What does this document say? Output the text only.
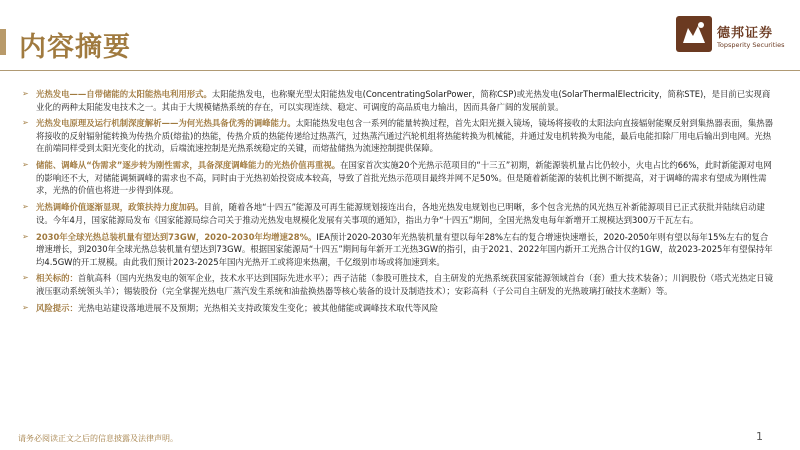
内容摘要	德邦证券
Topsperity Securities
➢ 光热发电——自带储能的太阳能热电利用形式。太阳能热发电，也称聚光型太阳能热发电(ConcentratingSolarPower，简称CSP)或光热发电(SolarThermalElectricity，简称STE)，是目前已实现商业化的两种太阳能发电技术之一。其由于大规模储热系统的存在，可以实现连续、稳定、可调度的高品质电力输出，因而具备广阔的发展前景。
➢ 光热发电原理及运行机制深度解析——为何光热具备优秀的调峰能力。太阳能热发电包含一系列的能量转换过程，首先太阳光摄入镜场，镜场将接收的太阳法向直接辐射能聚反射到集热器表面，集热器将接收的反射辐射能转换为传热介质(熔盐)的热能，传热介质的热能传递给过热蒸汽，过热蒸汽通过汽轮机组将热能转换为机械能，并通过发电机转换为电能，最后电能扣除厂用电后输出到电网。光热在前端同样受到太阳光变化的扰动，后端流速控制是光热系统稳定的关键，而熔盐储热为流速控制提供保障。
➢ 储能、调峰从“伪需求”逐步转为刚性需求，具备深度调峰能力的光热价值再重视。在国家首次实施20个光热示范项目的“十三五”初期，新能源装机量占比仍较小，火电占比约66%，此时新能源对电网的影响还不大，对储能调频调峰的需求也不高，同时由于光热初始投资成本较高，导致了首批光热示范项目最终并网不足50%。但是随着新能源的装机比例不断提高，对于调峰的需求有望成为刚性需求，光热的价值也将进一步得到体现。
➢ 光热调峰价值逐渐显现，政策扶持力度加码。目前，随着各地“十四五”能源及可再生能源规划接连出台，各地光热发电规划也已明晰，多个包含光热的风光热互补新能源项目已正式获批并陆续启动建设。今年4月，国家能源局发布《国家能源局综合司关于推动光热发电规模化发展有关事项的通知》，指出力争“十四五”期间，全国光热发电每年新增开工规模达到300万千瓦左右。
➢ 2030年全球光热总装机量有望达到73GW，2020-2030年均增速28%。IEA预计2020-2030年光热装机量有望以每年28%左右的复合增速快速增长，2020-2050年则有望以每年15%左右的复合增速增长，到2030年全球光热总装机量有望达到73GW。根据国家能源局“十四五”期间每年新开工光热3GW的指引，由于2021、2022年国内新开工光热合计仅约1GW，故2023-2025年有望保持年均4.5GW的开工规模。由此我们预计2023-2025年国内光热开工或将迎来热潮，千亿级别市场或将加速到来。
➢ 相关标的：首航高科（国内光热发电的领军企业，技术水平达到国际先进水平）；西子洁能（参股可胜技术，自主研发的光热系统获国家能源领域首台（套）重大技术装备）；川润股份（塔式光热定日镜液压驱动系统领头羊）；锡装股份（完全掌握光热电厂蒸汽发生系统和油盐换热器等核心装备的设计及制造技术）；安彩高科（子公司自主研发的光热玻璃打破技术垄断）等。
➢ 风险提示：光热电站建设落地进展不及预期；光热相关支持政策发生变化；被其他储能或调峰技术取代等风险
请务必阅读正文之后的信息披露及法律声明。	1
